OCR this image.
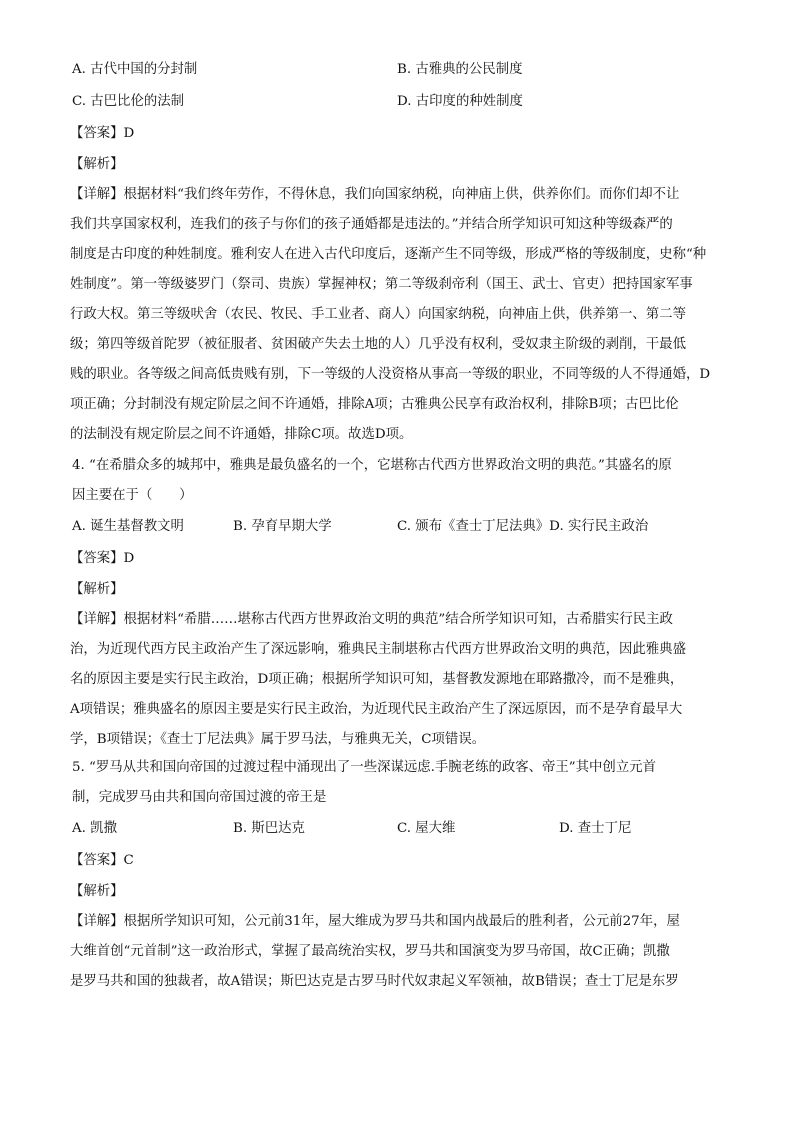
A. 古代中国的分封制	B. 古雅典的公民制度
C. 古巴比伦的法制	D. 古印度的种姓制度
【答案】D
【解析】
【详解】根据材料“我们终年劳作，不得休息，我们向国家纳税，向神庙上供，供养你们。而你们却不让
我们共享国家权利，连我们的孩子与你们的孩子通婚都是违法的。”并结合所学知识可知这种等级森严的
制度是古印度的种姓制度。雅利安人在进入古代印度后，逐渐产生不同等级，形成严格的等级制度，史称“种
姓制度”。第一等级婆罗门（祭司、贵族）掌握神权；第二等级刹帝利（国王、武士、官吏）把持国家军事
行政大权。第三等级吠舍（农民、牧民、手工业者、商人）向国家纳税，向神庙上供，供养第一、第二等
级；第四等级首陀罗（被征服者、贫困破产失去土地的人）几乎没有权利，受奴隶主阶级的剥削，干最低
贱的职业。各等级之间高低贵贱有别，下一等级的人没资格从事高一等级的职业，不同等级的人不得通婚，D
项正确；分封制没有规定阶层之间不许通婚，排除A项；古雅典公民享有政治权利，排除B项；古巴比伦
的法制没有规定阶层之间不许通婚，排除C项。故选D项。
4. “在希腊众多的城邦中，雅典是最负盛名的一个，它堪称古代西方世界政治文明的典范。”其盛名的原
因主要在于（　　）
A. 诞生基督教文明	B. 孕育早期大学	C. 颁布《查士丁尼法典》D. 实行民主政治
【答案】D
【解析】
【详解】根据材料“希腊……堪称古代西方世界政治文明的典范”结合所学知识可知，古希腊实行民主政
治，为近现代西方民主政治产生了深远影响，雅典民主制堪称古代西方世界政治文明的典范，因此雅典盛
名的原因主要是实行民主政治，D项正确；根据所学知识可知，基督教发源地在耶路撒冷，而不是雅典，
A项错误；雅典盛名的原因主要是实行民主政治，为近现代民主政治产生了深远原因，而不是孕育最早大
学，B项错误；《查士丁尼法典》属于罗马法，与雅典无关，C项错误。
5. “罗马从共和国向帝国的过渡过程中涌现出了一些深谋远虑.手腕老练的政客、帝王”其中创立元首
制，完成罗马由共和国向帝国过渡的帝王是
A. 凯撒	B. 斯巴达克	C. 屋大维	D. 查士丁尼
【答案】C
【解析】
【详解】根据所学知识可知，公元前31年，屋大维成为罗马共和国内战最后的胜利者，公元前27年，屋
大维首创“元首制”这一政治形式，掌握了最高统治实权，罗马共和国演变为罗马帝国，故C正确；凯撒
是罗马共和国的独裁者，故A错误；斯巴达克是古罗马时代奴隶起义军领袖，故B错误；查士丁尼是东罗
